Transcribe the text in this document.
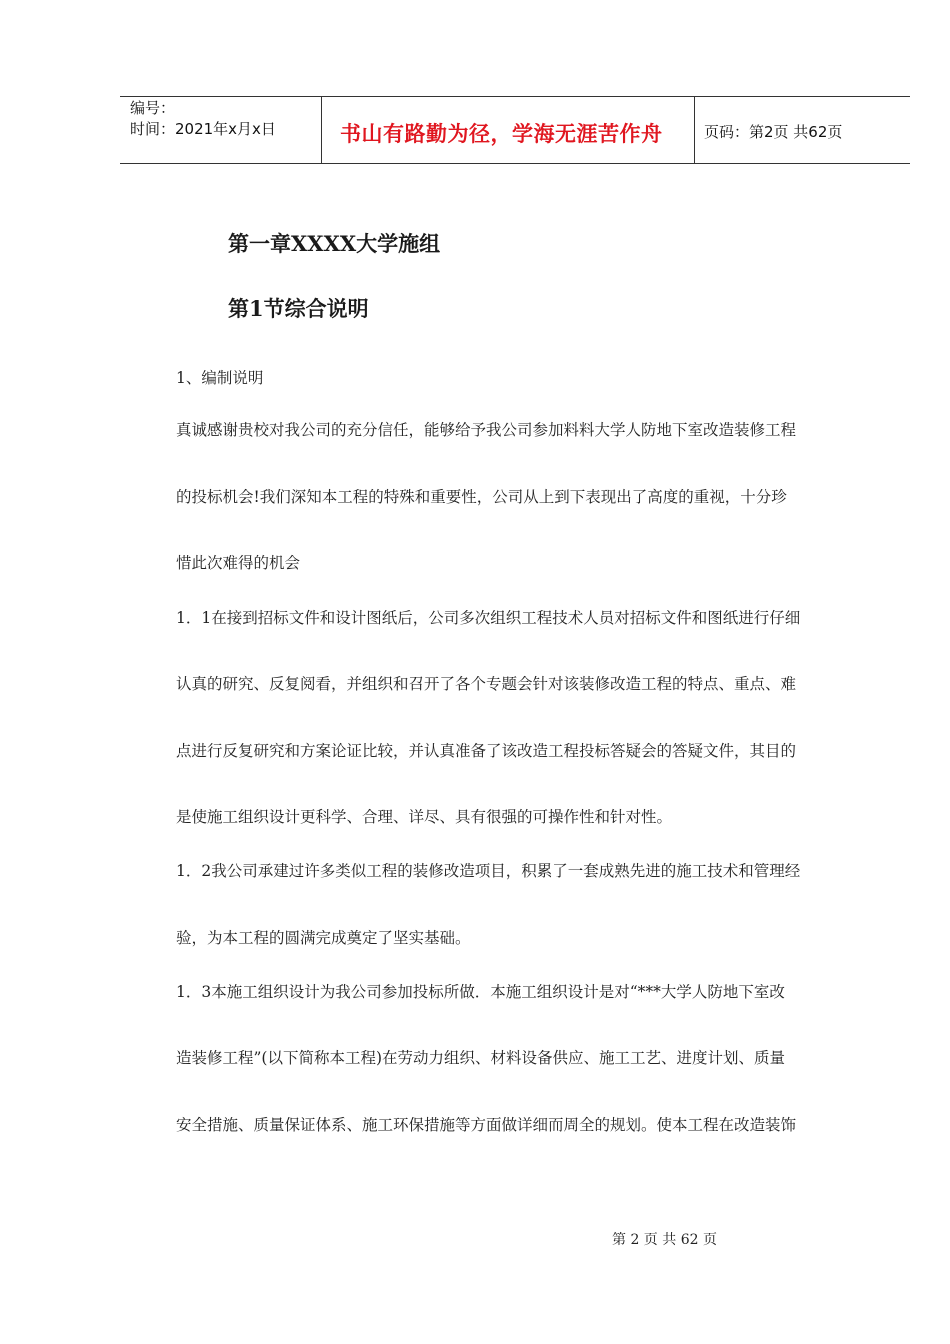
编号：
时间：2021年x月x日	书山有路勤为径，学海无涯苦作舟	页码：第2页 共62页
第一章XXXX大学施组
第1节综合说明
1、编制说明
真诚感谢贵校对我公司的充分信任，能够给予我公司参加料料大学人防地下室改造装修工程
的投标机会!我们深知本工程的特殊和重要性，公司从上到下表现出了高度的重视，十分珍
惜此次难得的机会
1．1在接到招标文件和设计图纸后，公司多次组织工程技术人员对招标文件和图纸进行仔细
认真的研究、反复阅看，并组织和召开了各个专题会针对该装修改造工程的特点、重点、难
点进行反复研究和方案论证比较，并认真准备了该改造工程投标答疑会的答疑文件，其目的
是使施工组织设计更科学、合理、详尽、具有很强的可操作性和针对性。
1．2我公司承建过许多类似工程的装修改造项目，积累了一套成熟先进的施工技术和管理经
验，为本工程的圆满完成奠定了坚实基础。
1．3本施工组织设计为我公司参加投标所做．本施工组织设计是对“***大学人防地下室改
造装修工程”(以下简称本工程)在劳动力组织、材料设备供应、施工工艺、进度计划、质量
安全措施、质量保证体系、施工环保措施等方面做详细而周全的规划。使本工程在改造装饰
第 2 页 共 62 页
